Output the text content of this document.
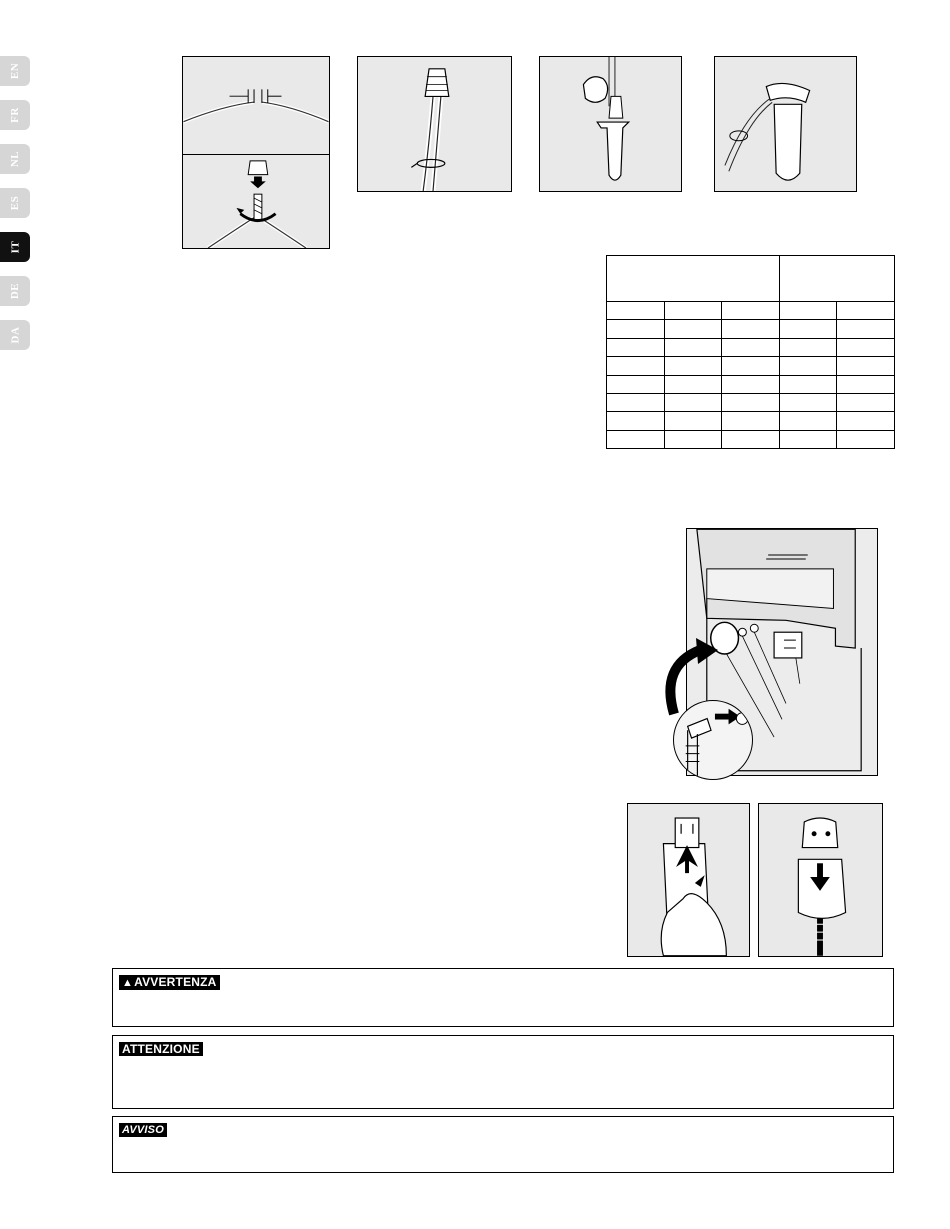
EN
FR
NL
ES
IT
DE
DA

▲AVVERTENZA
ATTENZIONE
AVVISO
